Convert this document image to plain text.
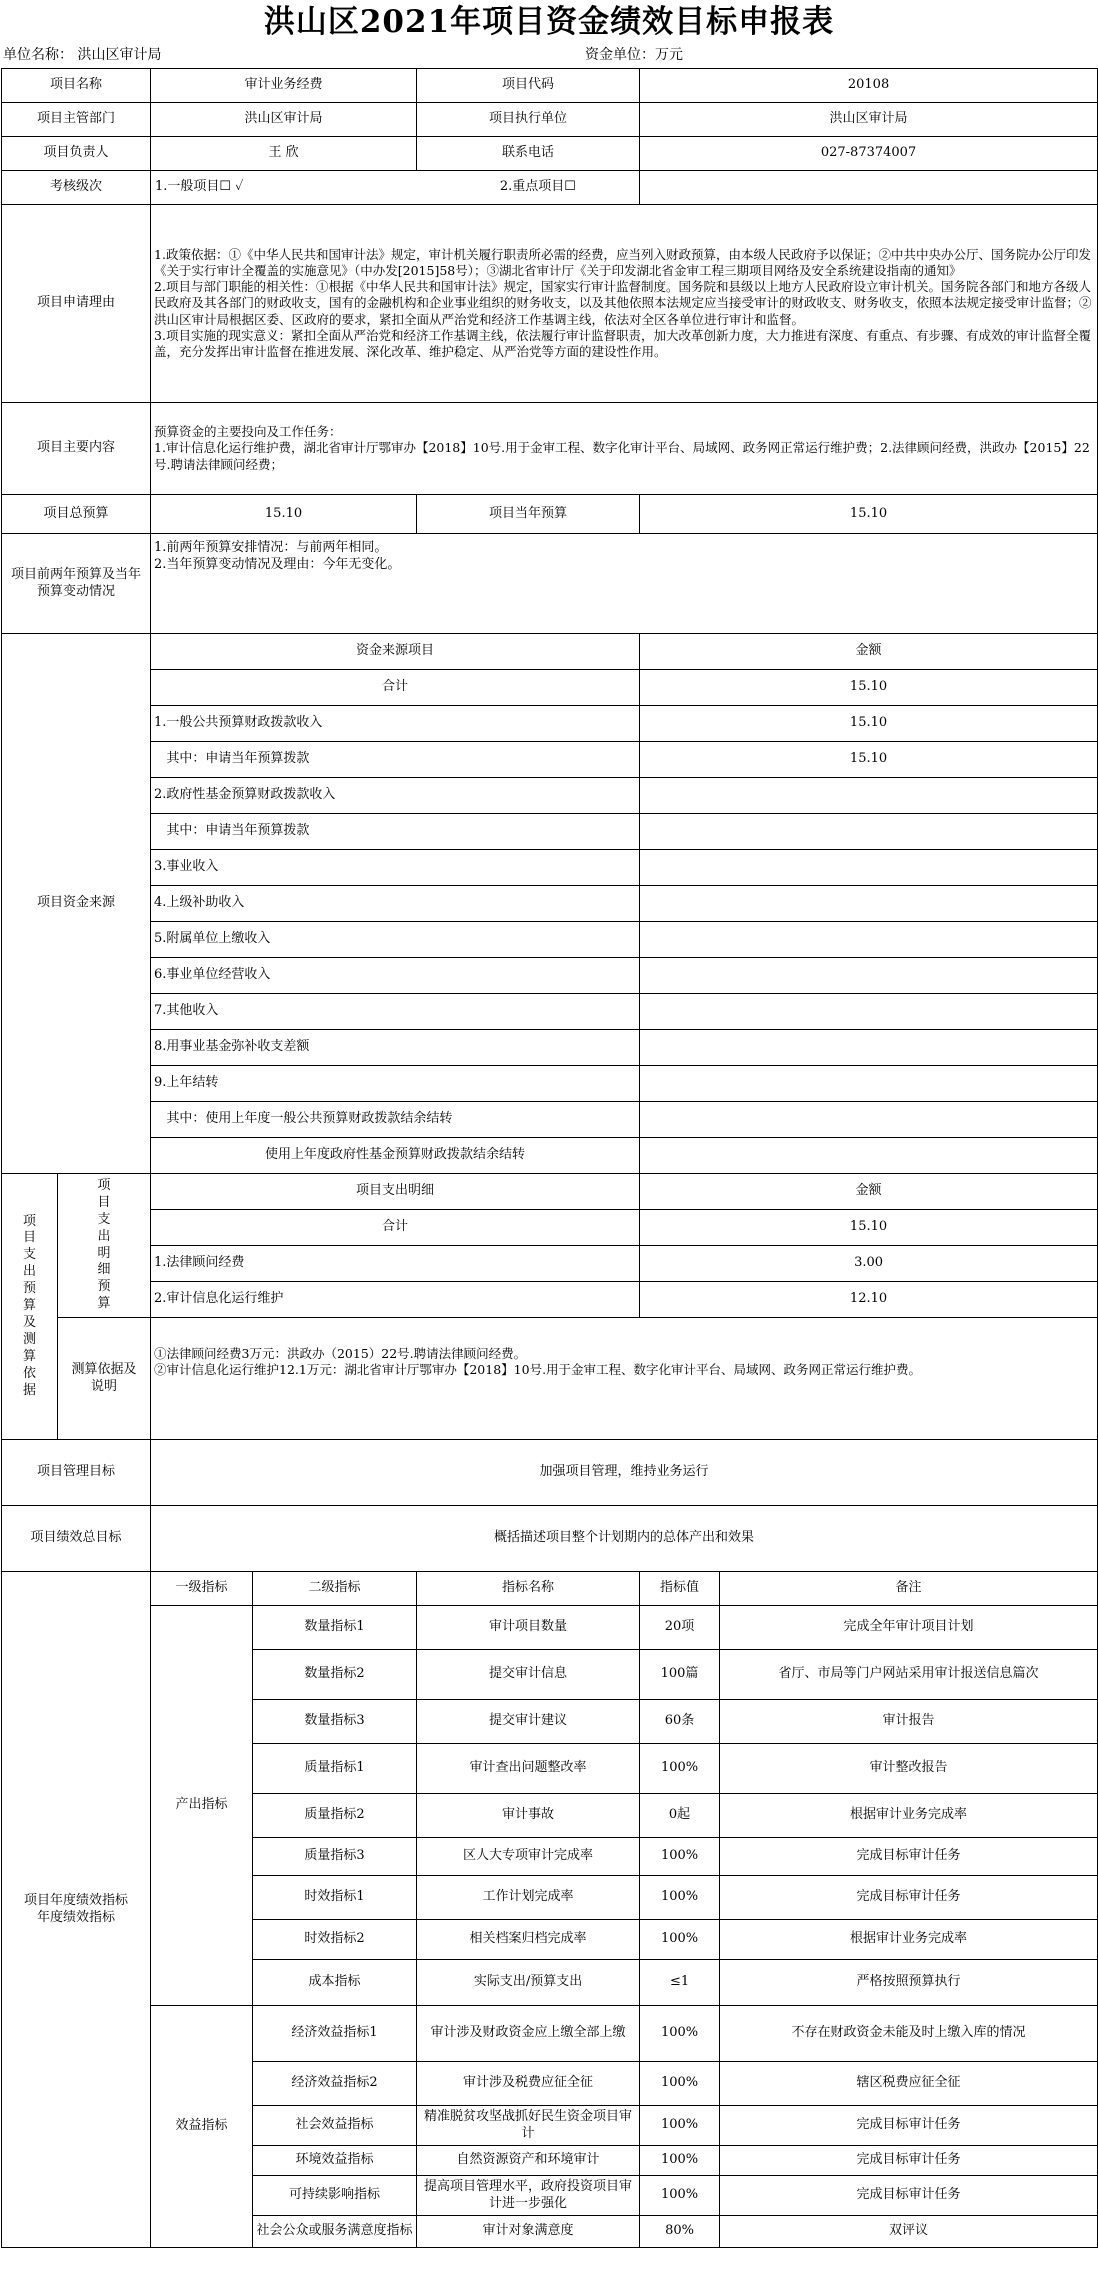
洪山区2021年项目资金绩效目标申报表
单位名称： 洪山区审计局	资金单位：万元
项目名称		审计业务经费		项目代码	20108	
项目主管部门		洪山区审计局		项目执行单位	洪山区审计局	
项目负责人		王 欣		联系电话	027-87374007	
考核级次		1.一般项目☐ ✓ 2.重点项目☐				
项目申请理由		1.政策依据：①《中华人民共和国审计法》规定，审计机关履行职责所必需的经费，应当列入财政预算，由本级人民政府予以保证；②中共中央办公厅、国务院办公厅印发《关于实行审计全覆盖的实施意见》（中办发[2015]58号）；③湖北省审计厅《关于印发湖北省金审工程三期项目网络及安全系统建设指南的通知》
2.项目与部门职能的相关性：①根据《中华人民共和国审计法》规定，国家实行审计监督制度。国务院和县级以上地方人民政府设立审计机关。国务院各部门和地方各级人民政府及其各部门的财政收支，国有的金融机构和企业事业组织的财务收支，以及其他依照本法规定应当接受审计的财政收支、财务收支，依照本法规定接受审计监督；②洪山区审计局根据区委、区政府的要求，紧扣全面从严治党和经济工作基调主线，依法对全区各单位进行审计和监督。
3.项目实施的现实意义：紧扣全面从严治党和经济工作基调主线，依法履行审计监督职责，加大改革创新力度，大力推进有深度、有重点、有步骤、有成效的审计监督全覆盖，充分发挥出审计监督在推进发展、深化改革、维护稳定、从严治党等方面的建设性作用。				
项目主要内容		预算资金的主要投向及工作任务：
1.审计信息化运行维护费，湖北省审计厅鄂审办【2018】10号.用于金审工程、数字化审计平台、局域网、政务网正常运行维护费；2.法律顾问经费，洪政办【2015】22号.聘请法律顾问经费；				
项目总预算		15.10		项目当年预算	15.10	
项目前两年预算及当年预算变动情况		1.前两年预算安排情况：与前两年相同。
2.当年预算变动情况及理由：今年无变化。				
项目资金来源		资金来源项目			金额	
		合计			15.10	
		1.一般公共预算财政拨款收入			15.10	
		其中：申请当年预算拨款			15.10	
		2.政府性基金预算财政拨款收入				
		其中：申请当年预算拨款				
		3.事业收入				
		4.上级补助收入				
		5.附属单位上缴收入				
		6.事业单位经营收入				
		7.其他收入				
		8.用事业基金弥补收支差额				
		9.上年结转				
		其中：使用上年度一般公共预算财政拨款结余结转				
		使用上年度政府性基金预算财政拨款结余结转				
项目支出预算及测算依据	项目支出明细预算	项目支出明细			金额	
		合计			15.10	
		1.法律顾问经费			3.00	
		2.审计信息化运行维护			12.10	
	测算依据及说明	①法律顾问经费3万元：洪政办（2015）22号.聘请法律顾问经费。
②审计信息化运行维护12.1万元：湖北省审计厅鄂审办【2018】10号.用于金审工程、数字化审计平台、局域网、政务网正常运行维护费。				
项目管理目标		加强项目管理，维持业务运行				
项目绩效总目标		概括描述项目整个计划期内的总体产出和效果				
项目年度绩效指标
年度绩效指标		一级指标	二级指标	指标名称	指标值	备注
		产出指标	数量指标1	审计项目数量	20项	完成全年审计项目计划
			数量指标2	提交审计信息	100篇	省厅、市局等门户网站采用审计报送信息篇次
			数量指标3	提交审计建议	60条	审计报告
			质量指标1	审计查出问题整改率	100%	审计整改报告
			质量指标2	审计事故	0起	根据审计业务完成率
			质量指标3	区人大专项审计完成率	100%	完成目标审计任务
			时效指标1	工作计划完成率	100%	完成目标审计任务
			时效指标2	相关档案归档完成率	100%	根据审计业务完成率
			成本指标	实际支出/预算支出	≤1	严格按照预算执行
		效益指标	经济效益指标1	审计涉及财政资金应上缴全部上缴	100%	不存在财政资金未能及时上缴入库的情况
			经济效益指标2	审计涉及税费应征全征	100%	辖区税费应征全征
			社会效益指标	精准脱贫攻坚战抓好民生资金项目审计	100%	完成目标审计任务
			环境效益指标	自然资源资产和环境审计	100%	完成目标审计任务
			可持续影响指标	提高项目管理水平，政府投资项目审计进一步强化	100%	完成目标审计任务
			社会公众或服务满意度指标	审计对象满意度	80%	双评议
